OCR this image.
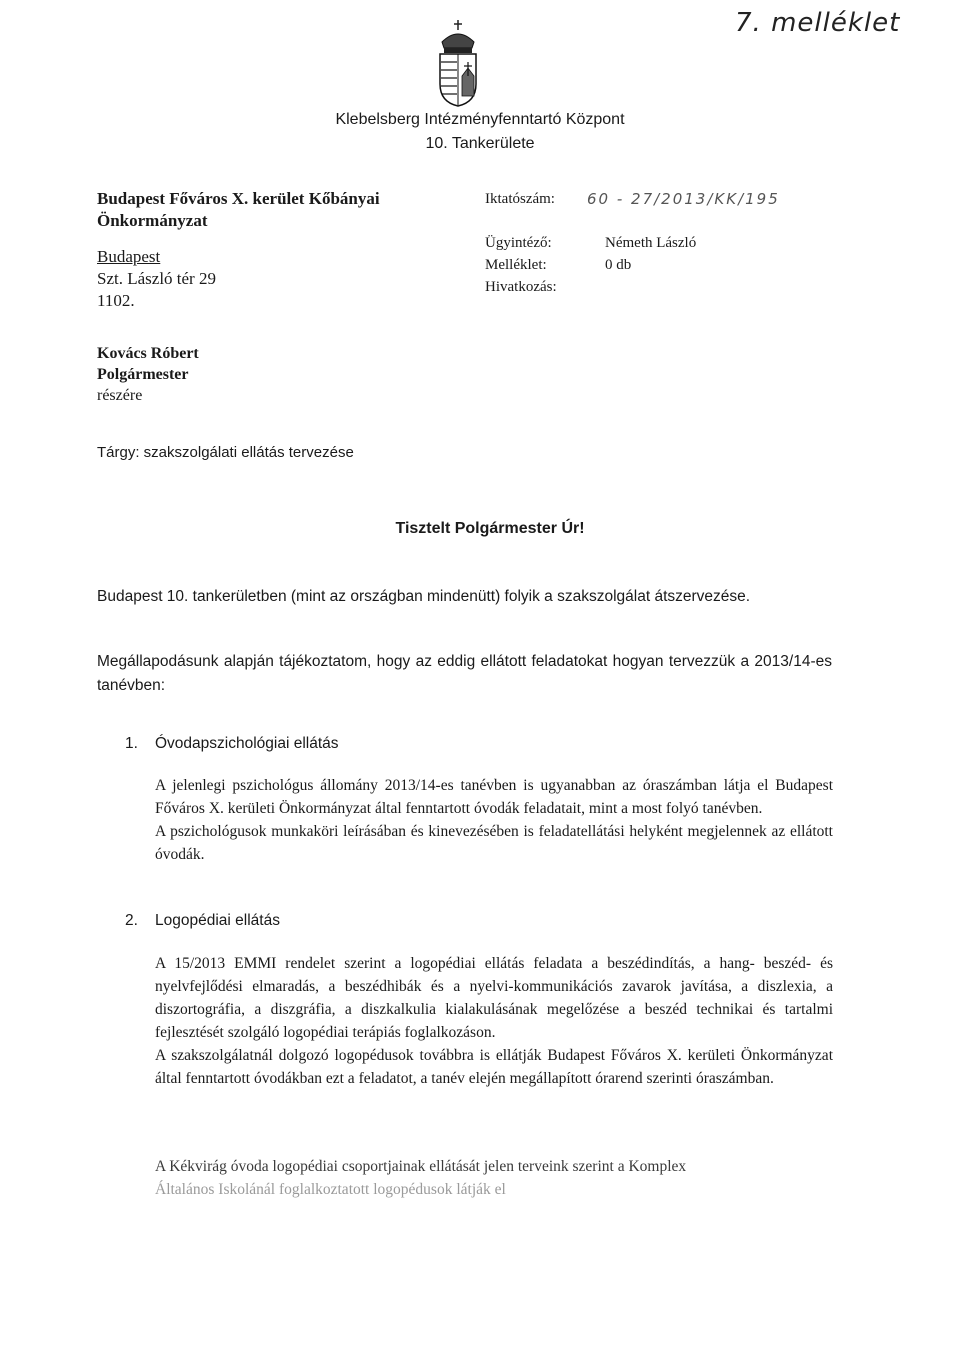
7. melléklet
Klebelsberg Intézményfenntartó Központ
10. Tankerülete
Budapest Főváros X. kerület Kőbányai
Önkormányzat
Budapest
Szt. László tér 29
1102.
Iktatószám:	60 - 27/2013/KK/195
Ügyintéző:	Németh László
Melléklet:	0 db
Hivatkozás:
Kovács Róbert
Polgármester
részére
Tárgy: szakszolgálati ellátás tervezése
Tisztelt Polgármester Úr!
Budapest 10. tankerületben (mint az országban mindenütt) folyik a szakszolgálat átszervezése.
Megállapodásunk alapján tájékoztatom, hogy az eddig ellátott feladatokat hogyan tervezzük a 2013/14-es tanévben:
1. Óvodapszichológiai ellátás

A jelenlegi pszichológus állomány 2013/14-es tanévben is ugyanabban az óraszámban látja el Budapest Főváros X. kerületi Önkormányzat által fenntartott óvodák feladatait, mint a most folyó tanévben.

A pszichológusok munkaköri leírásában és kinevezésében is feladatellátási helyként megjelennek az ellátott óvodák.

2. Logopédiai ellátás

A 15/2013 EMMI rendelet szerint a logopédiai ellátás feladata a beszédindítás, a hang- beszéd- és nyelvfejlődési elmaradás, a beszédhibák és a nyelvi-kommunikációs zavarok javítása, a diszlexia, a diszortográfia, a diszgráfia, a diszkalkulia kialakulásának megelőzése a beszéd technikai és tartalmi fejlesztését szolgáló logopédiai terápiás foglalkozáson.

A szakszolgálatnál dolgozó logopédusok továbbra is ellátják Budapest Főváros X. kerületi Önkormányzat által fenntartott óvodákban ezt a feladatot, a tanév elején megállapított órarend szerinti óraszámban.

A Kékvirág óvoda logopédiai csoportjainak ellátását jelen terveink szerint a Komplex

Általános Iskolánál foglalkoztatott logopédusok látják el
